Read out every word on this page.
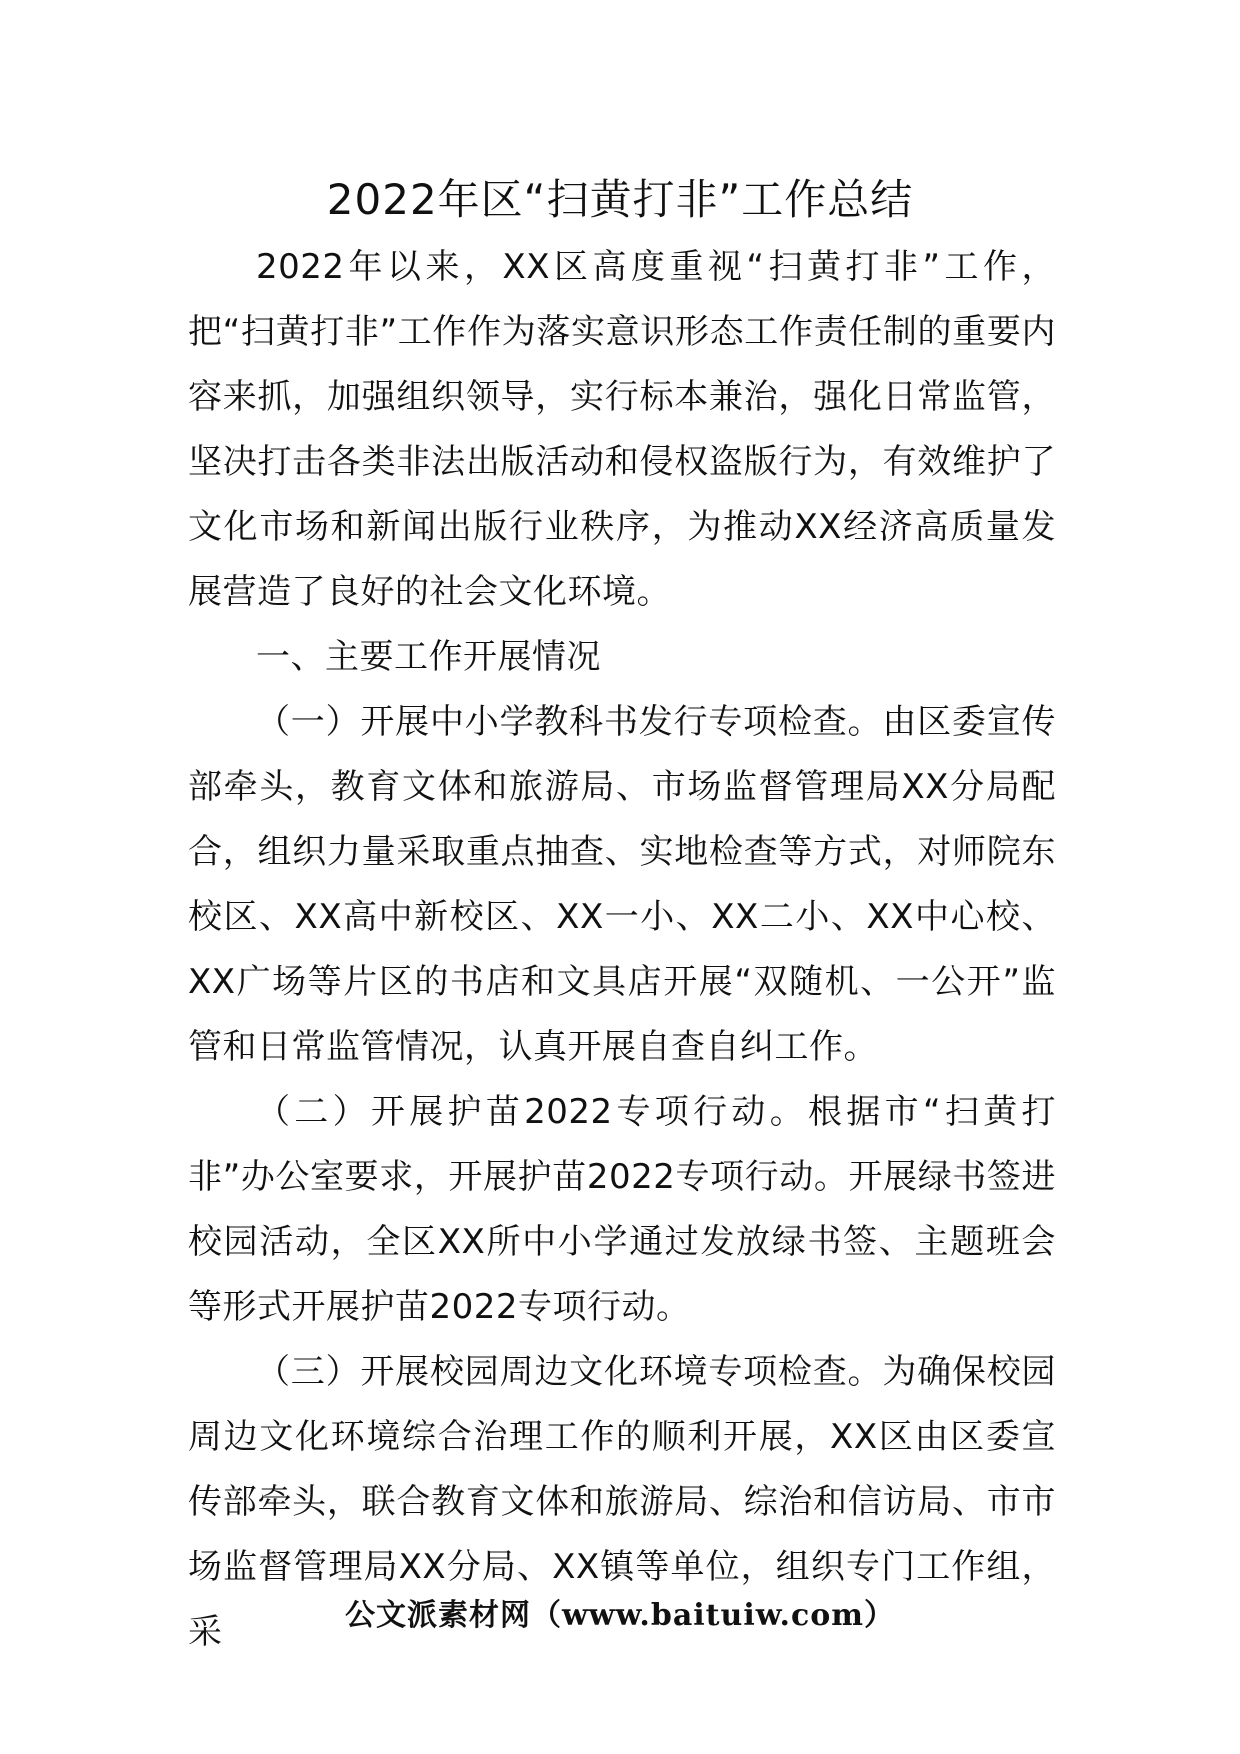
2022年区“扫黄打非”工作总结

2022年以来，XX区高度重视“扫黄打非”工作，把“扫黄打非”工作作为落实意识形态工作责任制的重要内容来抓，加强组织领导，实行标本兼治，强化日常监管，坚决打击各类非法出版活动和侵权盗版行为，有效维护了文化市场和新闻出版行业秩序，为推动XX经济高质量发展营造了良好的社会文化环境。

一、主要工作开展情况

（一）开展中小学教科书发行专项检查。由区委宣传部牵头，教育文体和旅游局、市场监督管理局XX分局配合，组织力量采取重点抽查、实地检查等方式，对师院东校区、XX高中新校区、XX一小、XX二小、XX中心校、XX广场等片区的书店和文具店开展“双随机、一公开”监管和日常监管情况，认真开展自查自纠工作。

（二）开展护苗2022专项行动。根据市“扫黄打非”办公室要求，开展护苗2022专项行动。开展绿书签进校园活动，全区XX所中小学通过发放绿书签、主题班会等形式开展护苗2022专项行动。

（三）开展校园周边文化环境专项检查。为确保校园周边文化环境综合治理工作的顺利开展，XX区由区委宣传部牵头，联合教育文体和旅游局、综治和信访局、市市场监督管理局XX分局、XX镇等单位，组织专门工作组，采	公文派素材网（www.baituiw.com）
